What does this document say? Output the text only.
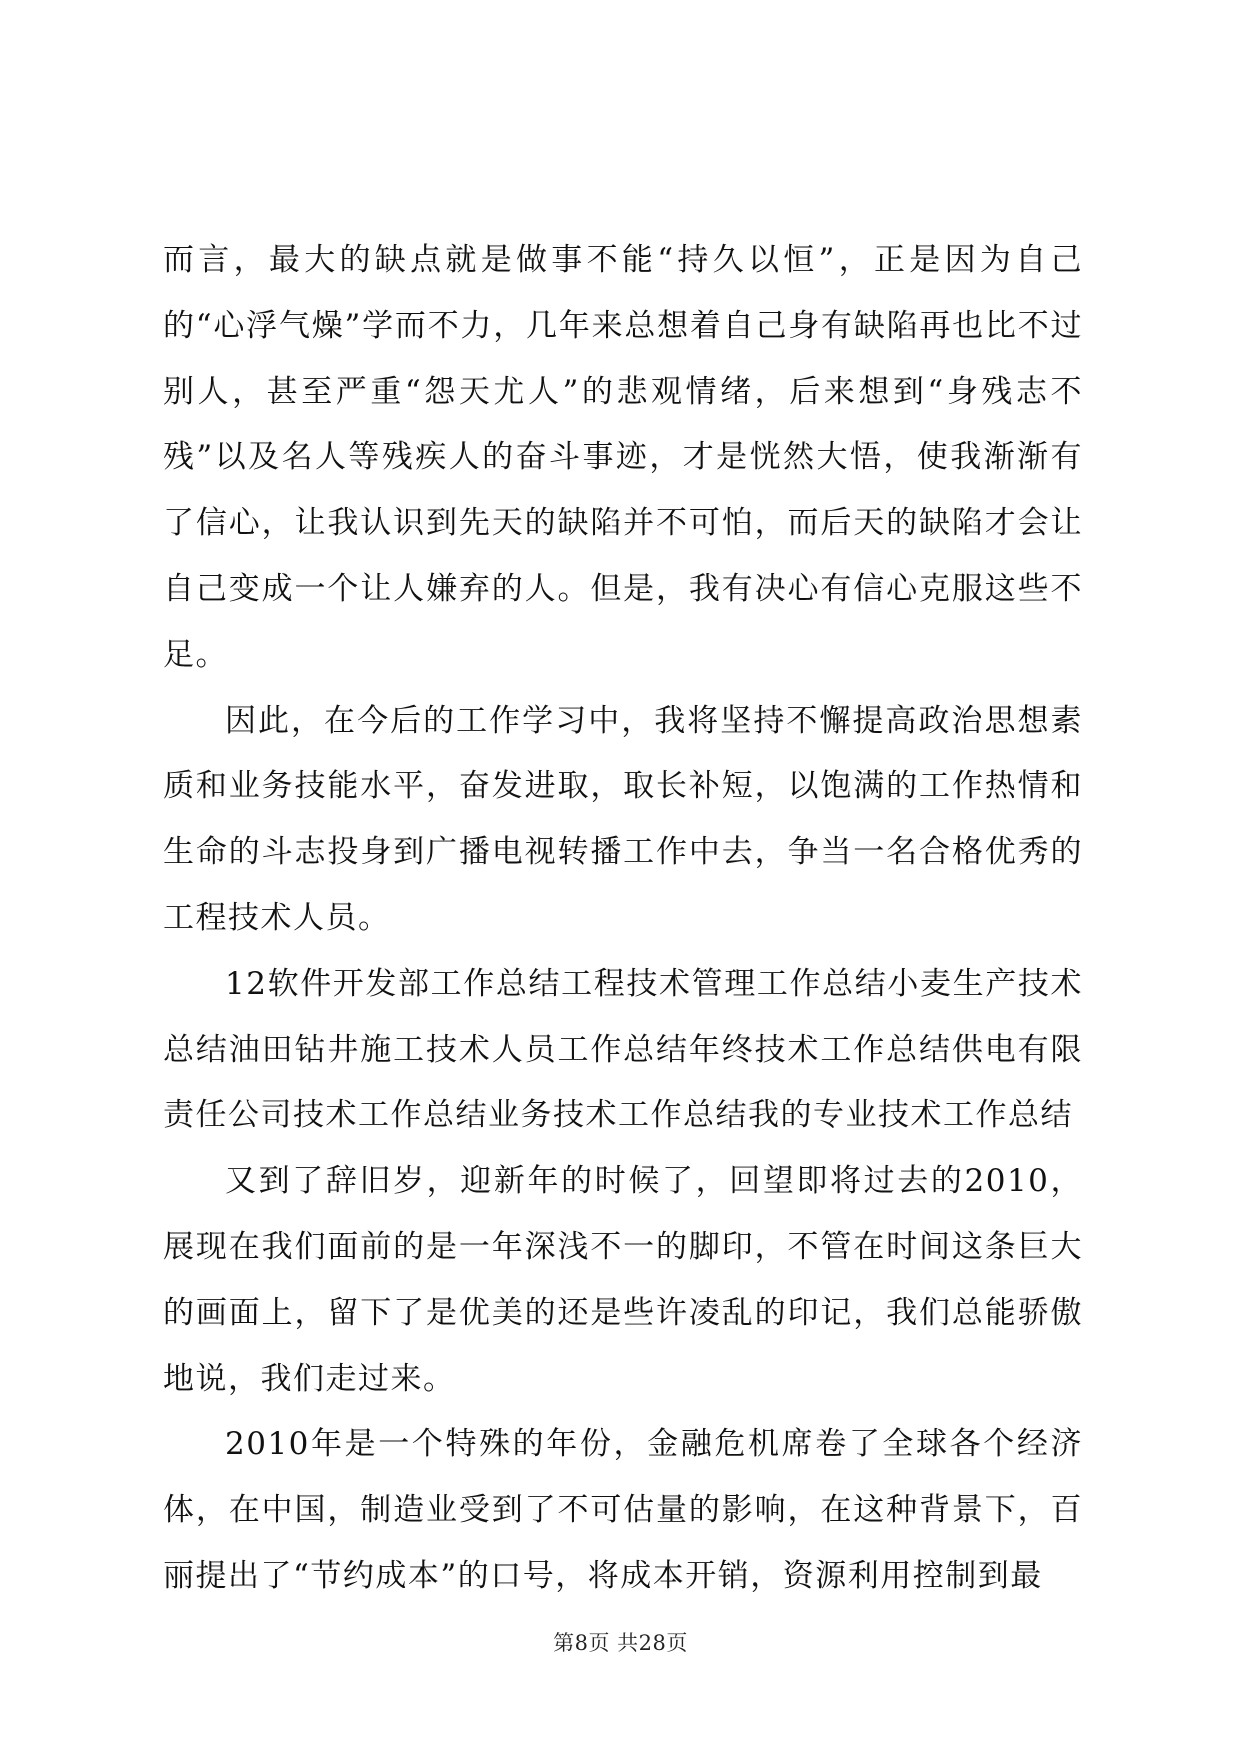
而言，最大的缺点就是做事不能“持久以恒”，正是因为自己的“心浮气燥”学而不力，几年来总想着自己身有缺陷再也比不过别人，甚至严重“怨天尤人”的悲观情绪，后来想到“身残志不残”以及名人等残疾人的奋斗事迹，才是恍然大悟，使我渐渐有了信心，让我认识到先天的缺陷并不可怕，而后天的缺陷才会让自己变成一个让人嫌弃的人。但是，我有决心有信心克服这些不足。

因此，在今后的工作学习中，我将坚持不懈提高政治思想素质和业务技能水平，奋发进取，取长补短，以饱满的工作热情和生命的斗志投身到广播电视转播工作中去，争当一名合格优秀的工程技术人员。

12软件开发部工作总结工程技术管理工作总结小麦生产技术总结油田钻井施工技术人员工作总结年终技术工作总结供电有限责任公司技术工作总结业务技术工作总结我的专业技术工作总结

又到了辞旧岁，迎新年的时候了，回望即将过去的2010，展现在我们面前的是一年深浅不一的脚印，不管在时间这条巨大的画面上，留下了是优美的还是些许凌乱的印记，我们总能骄傲地说，我们走过来。

2010年是一个特殊的年份，金融危机席卷了全球各个经济体，在中国，制造业受到了不可估量的影响，在这种背景下，百丽提出了“节约成本”的口号，将成本开销，资源利用控制到最

第8页 共28页
